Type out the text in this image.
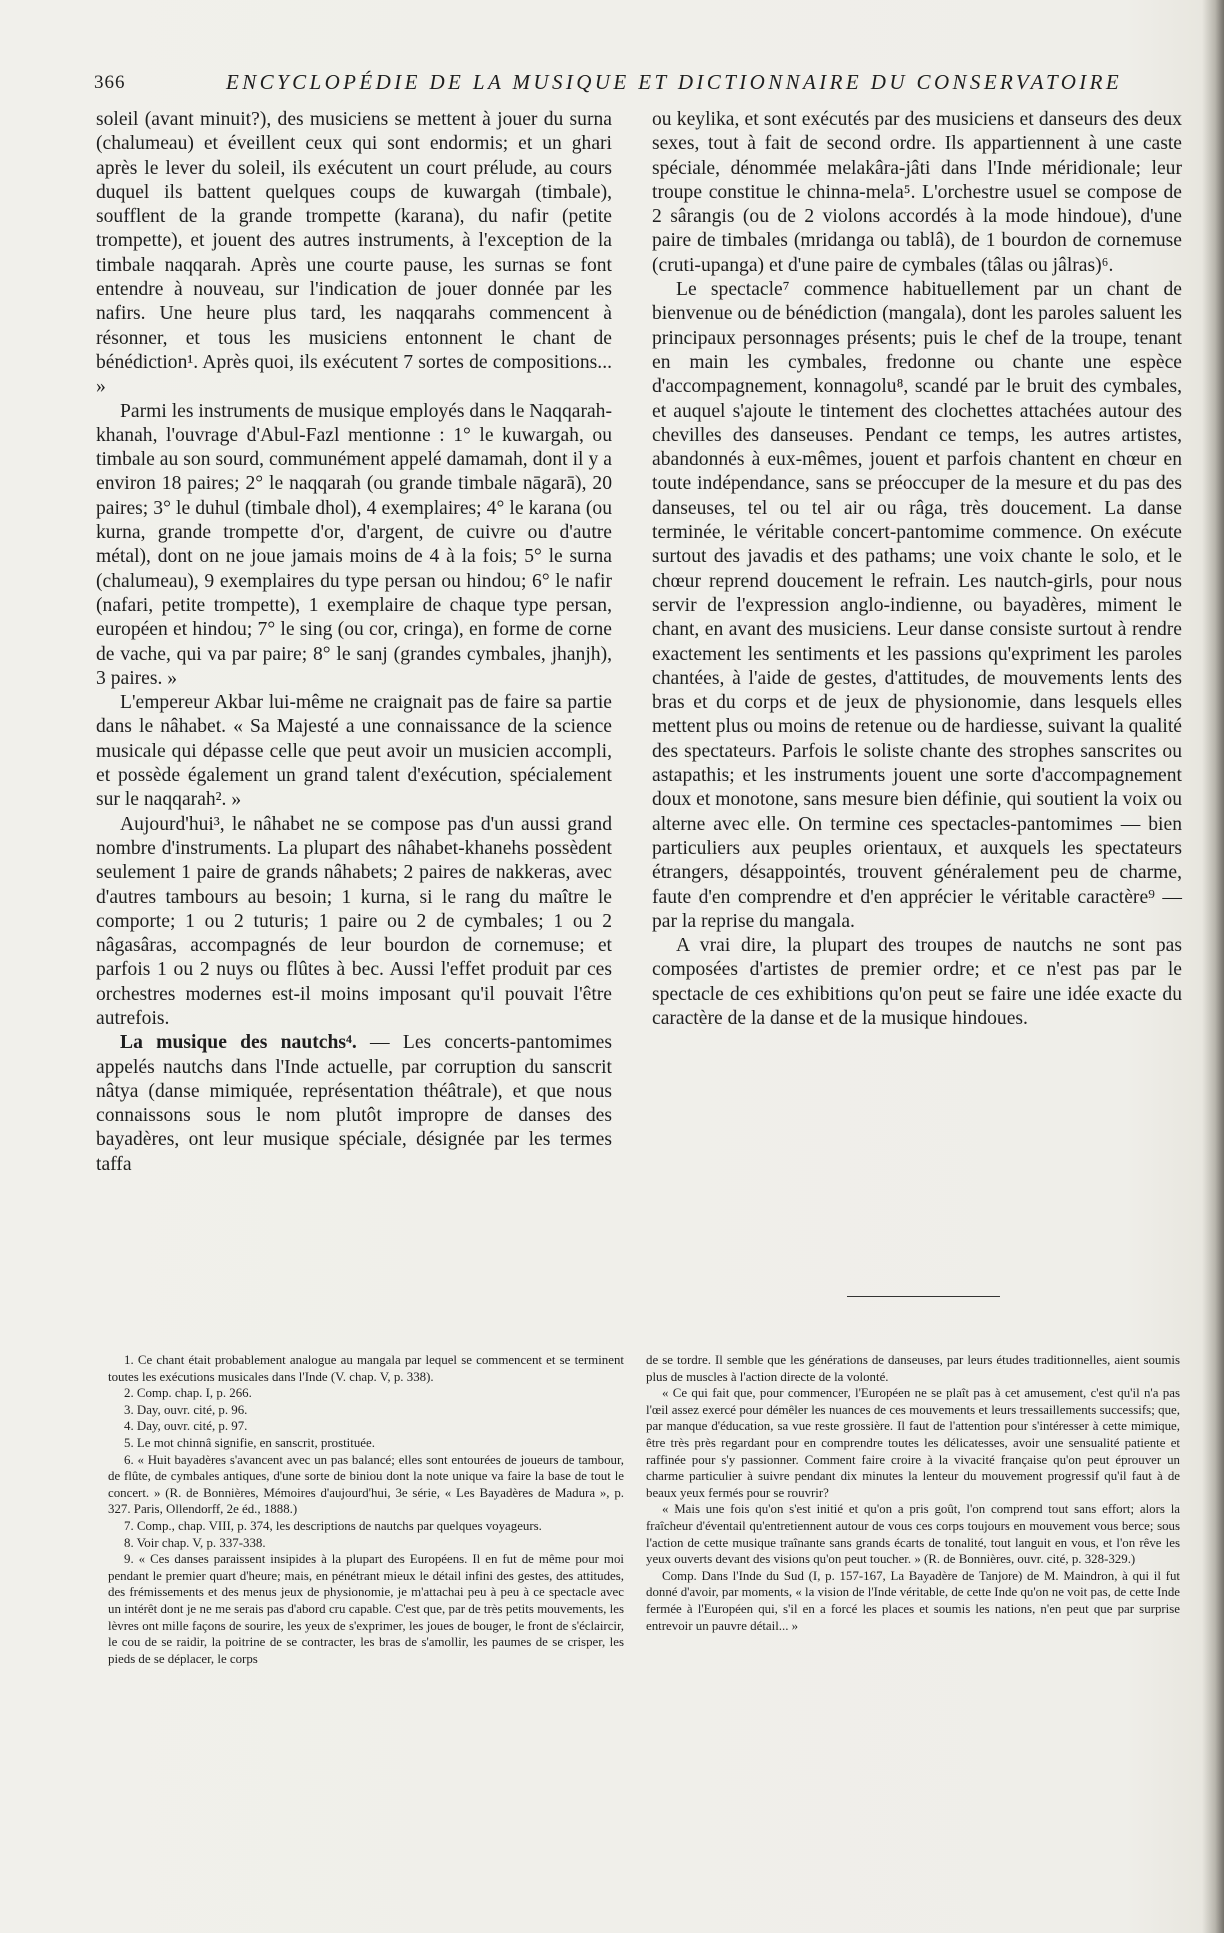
366	ENCYCLOPÉDIE DE LA MUSIQUE ET DICTIONNAIRE DU CONSERVATOIRE

soleil (avant minuit?), des musiciens se mettent à jouer du surna (chalumeau) et éveillent ceux qui sont endormis; et un ghari après le lever du soleil, ils exécutent un court prélude, au cours duquel ils battent quelques coups de kuwargah (timbale), soufflent de la grande trompette (karana), du nafir (petite trompette), et jouent des autres instruments, à l'exception de la timbale naqqarah. Après une courte pause, les surnas se font entendre à nouveau, sur l'indication de jouer donnée par les nafirs. Une heure plus tard, les naqqarahs commencent à résonner, et tous les musiciens entonnent le chant de bénédiction¹. Après quoi, ils exécutent 7 sortes de compositions... »

Parmi les instruments de musique employés dans le Naqqarah-khanah, l'ouvrage d'Abul-Fazl mentionne : 1° le kuwargah, ou timbale au son sourd, communément appelé damamah, dont il y a environ 18 paires; 2° le naqqarah (ou grande timbale nāgarā), 20 paires; 3° le duhul (timbale dhol), 4 exemplaires; 4° le karana (ou kurna, grande trompette d'or, d'argent, de cuivre ou d'autre métal), dont on ne joue jamais moins de 4 à la fois; 5° le surna (chalumeau), 9 exemplaires du type persan ou hindou; 6° le nafir (nafari, petite trompette), 1 exemplaire de chaque type persan, européen et hindou; 7° le sing (ou cor, cringa), en forme de corne de vache, qui va par paire; 8° le sanj (grandes cymbales, jhanjh), 3 paires. »

L'empereur Akbar lui-même ne craignait pas de faire sa partie dans le nâhabet. « Sa Majesté a une connaissance de la science musicale qui dépasse celle que peut avoir un musicien accompli, et possède également un grand talent d'exécution, spécialement sur le naqqarah². »

Aujourd'hui³, le nâhabet ne se compose pas d'un aussi grand nombre d'instruments. La plupart des nâhabet-khanehs possèdent seulement 1 paire de grands nâhabets; 2 paires de nakkeras, avec d'autres tambours au besoin; 1 kurna, si le rang du maître le comporte; 1 ou 2 tuturis; 1 paire ou 2 de cymbales; 1 ou 2 nâgasâras, accompagnés de leur bourdon de cornemuse; et parfois 1 ou 2 nuys ou flûtes à bec. Aussi l'effet produit par ces orchestres modernes est-il moins imposant qu'il pouvait l'être autrefois.

La musique des nautchs⁴. — Les concerts-pantomimes appelés nautchs dans l'Inde actuelle, par corruption du sanscrit nâtya (danse mimiquée, représentation théâtrale), et que nous connaissons sous le nom plutôt impropre de danses des bayadères, ont leur musique spéciale, désignée par les termes taffa

ou keylika, et sont exécutés par des musiciens et danseurs des deux sexes, tout à fait de second ordre. Ils appartiennent à une caste spéciale, dénommée melakâra-jâti dans l'Inde méridionale; leur troupe constitue le chinna-mela⁵. L'orchestre usuel se compose de 2 sârangis (ou de 2 violons accordés à la mode hindoue), d'une paire de timbales (mridanga ou tablâ), de 1 bourdon de cornemuse (cruti-upanga) et d'une paire de cymbales (tâlas ou jâlras)⁶.

Le spectacle⁷ commence habituellement par un chant de bienvenue ou de bénédiction (mangala), dont les paroles saluent les principaux personnages présents; puis le chef de la troupe, tenant en main les cymbales, fredonne ou chante une espèce d'accompagnement, konnagolu⁸, scandé par le bruit des cymbales, et auquel s'ajoute le tintement des clochettes attachées autour des chevilles des danseuses. Pendant ce temps, les autres artistes, abandonnés à eux-mêmes, jouent et parfois chantent en chœur en toute indépendance, sans se préoccuper de la mesure et du pas des danseuses, tel ou tel air ou râga, très doucement. La danse terminée, le véritable concert-pantomime commence. On exécute surtout des javadis et des pathams; une voix chante le solo, et le chœur reprend doucement le refrain. Les nautch-girls, pour nous servir de l'expression anglo-indienne, ou bayadères, miment le chant, en avant des musiciens. Leur danse consiste surtout à rendre exactement les sentiments et les passions qu'expriment les paroles chantées, à l'aide de gestes, d'attitudes, de mouvements lents des bras et du corps et de jeux de physionomie, dans lesquels elles mettent plus ou moins de retenue ou de hardiesse, suivant la qualité des spectateurs. Parfois le soliste chante des strophes sanscrites ou astapathis; et les instruments jouent une sorte d'accompagnement doux et monotone, sans mesure bien définie, qui soutient la voix ou alterne avec elle. On termine ces spectacles-pantomimes — bien particuliers aux peuples orientaux, et auxquels les spectateurs étrangers, désappointés, trouvent généralement peu de charme, faute d'en comprendre et d'en apprécier le véritable caractère⁹ — par la reprise du mangala.

A vrai dire, la plupart des troupes de nautchs ne sont pas composées d'artistes de premier ordre; et ce n'est pas par le spectacle de ces exhibitions qu'on peut se faire une idée exacte du caractère de la danse et de la musique hindoues.

1. Ce chant était probablement analogue au mangala par lequel se commencent et se terminent toutes les exécutions musicales dans l'Inde (V. chap. V, p. 338).

2. Comp. chap. I, p. 266.

3. Day, ouvr. cité, p. 96.

4. Day, ouvr. cité, p. 97.

5. Le mot chinnâ signifie, en sanscrit, prostituée.

6. « Huit bayadères s'avancent avec un pas balancé; elles sont entourées de joueurs de tambour, de flûte, de cymbales antiques, d'une sorte de biniou dont la note unique va faire la base de tout le concert. » (R. de Bonnières, Mémoires d'aujourd'hui, 3e série, « Les Bayadères de Madura », p. 327. Paris, Ollendorff, 2e éd., 1888.)

7. Comp., chap. VIII, p. 374, les descriptions de nautchs par quelques voyageurs.

8. Voir chap. V, p. 337-338.

9. « Ces danses paraissent insipides à la plupart des Européens. Il en fut de même pour moi pendant le premier quart d'heure; mais, en pénétrant mieux le détail infini des gestes, des attitudes, des frémissements et des menus jeux de physionomie, je m'attachai peu à peu à ce spectacle avec un intérêt dont je ne me serais pas d'abord cru capable. C'est que, par de très petits mouvements, les lèvres ont mille façons de sourire, les yeux de s'exprimer, les joues de bouger, le front de s'éclaircir, le cou de se raidir, la poitrine de se contracter, les bras de s'amollir, les paumes de se crisper, les pieds de se déplacer, le corps

de se tordre. Il semble que les générations de danseuses, par leurs études traditionnelles, aient soumis plus de muscles à l'action directe de la volonté.

« Ce qui fait que, pour commencer, l'Européen ne se plaît pas à cet amusement, c'est qu'il n'a pas l'œil assez exercé pour démêler les nuances de ces mouvements et leurs tressaillements successifs; que, par manque d'éducation, sa vue reste grossière. Il faut de l'attention pour s'intéresser à cette mimique, être très près regardant pour en comprendre toutes les délicatesses, avoir une sensualité patiente et raffinée pour s'y passionner. Comment faire croire à la vivacité française qu'on peut éprouver un charme particulier à suivre pendant dix minutes la lenteur du mouvement progressif qu'il faut à de beaux yeux fermés pour se rouvrir?

« Mais une fois qu'on s'est initié et qu'on a pris goût, l'on comprend tout sans effort; alors la fraîcheur d'éventail qu'entretiennent autour de vous ces corps toujours en mouvement vous berce; sous l'action de cette musique traînante sans grands écarts de tonalité, tout languit en vous, et l'on rêve les yeux ouverts devant des visions qu'on peut toucher. » (R. de Bonnières, ouvr. cité, p. 328-329.)

Comp. Dans l'Inde du Sud (I, p. 157-167, La Bayadère de Tanjore) de M. Maindron, à qui il fut donné d'avoir, par moments, « la vision de l'Inde véritable, de cette Inde qu'on ne voit pas, de cette Inde fermée à l'Européen qui, s'il en a forcé les places et soumis les nations, n'en peut que par surprise entrevoir un pauvre détail... »
